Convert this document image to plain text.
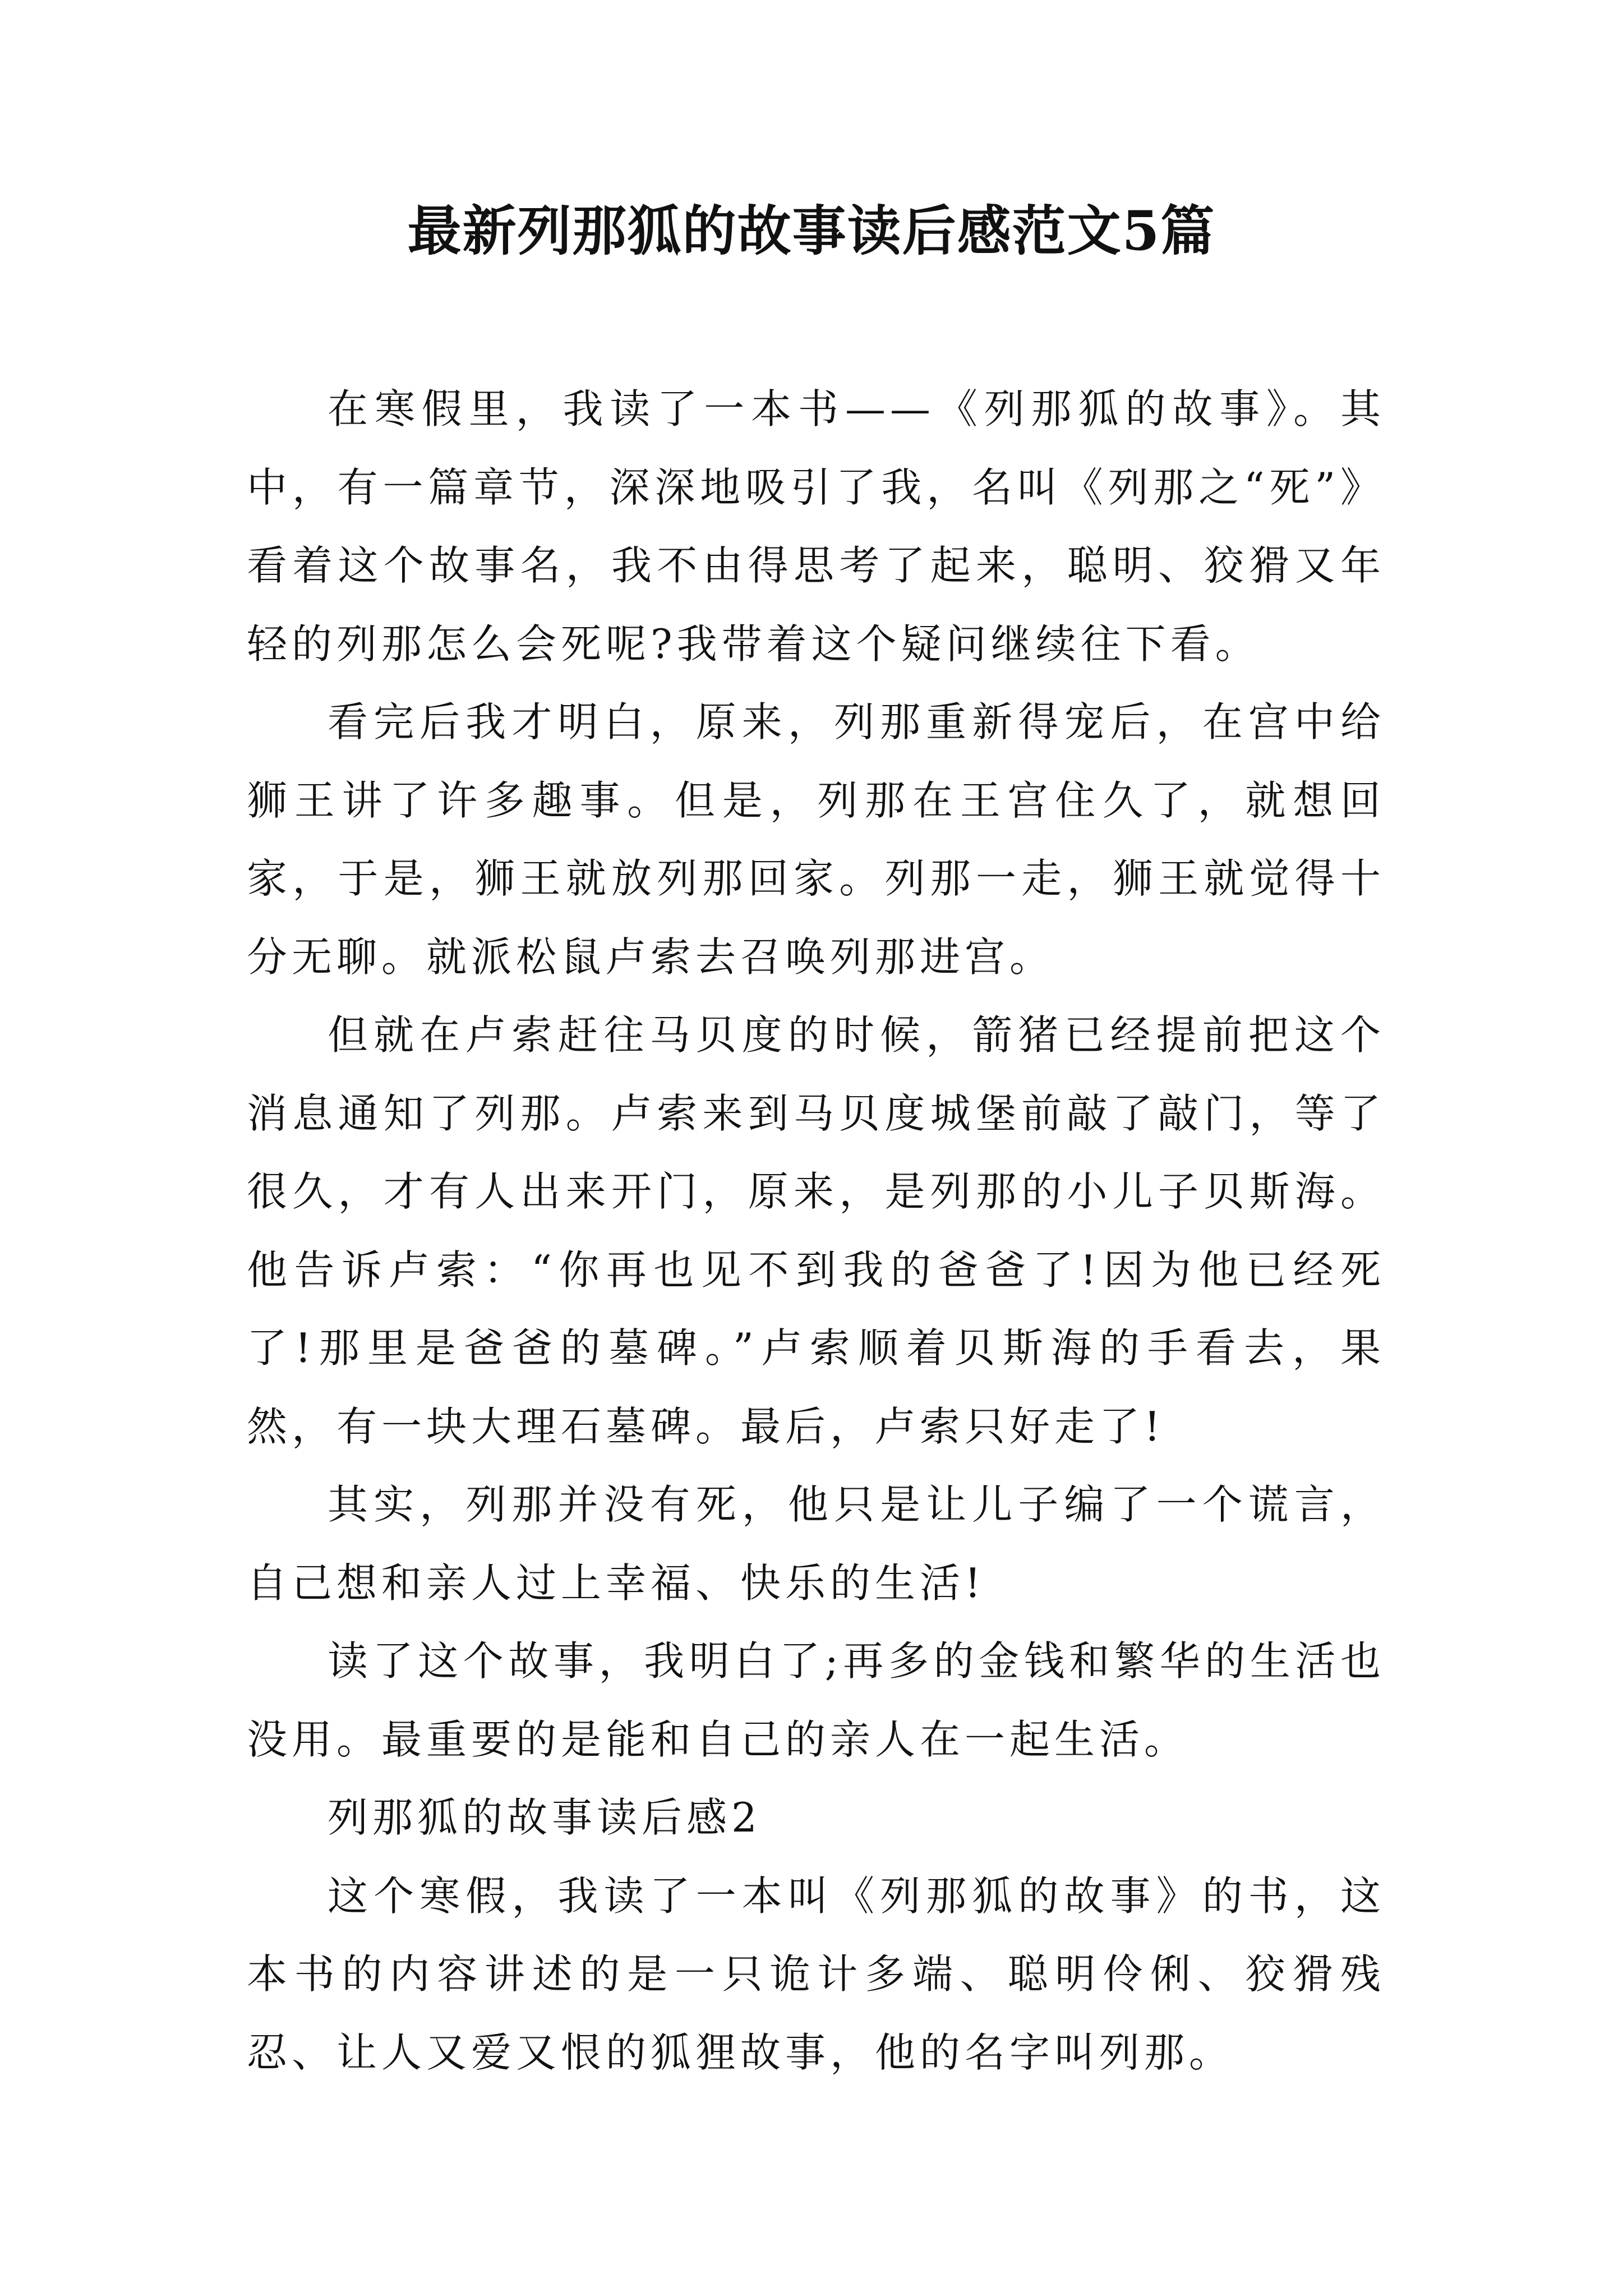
最新列那狐的故事读后感范文5篇

在寒假里，我读了一本书——《列那狐的故事》。其中，有一篇章节，深深地吸引了我，名叫《列那之“死”》看着这个故事名，我不由得思考了起来，聪明、狡猾又年轻的列那怎么会死呢?我带着这个疑问继续往下看。

看完后我才明白，原来，列那重新得宠后，在宫中给狮王讲了许多趣事。但是，列那在王宫住久了，就想回家，于是，狮王就放列那回家。列那一走，狮王就觉得十分无聊。就派松鼠卢索去召唤列那进宫。

但就在卢索赶往马贝度的时候，箭猪已经提前把这个消息通知了列那。卢索来到马贝度城堡前敲了敲门，等了很久，才有人出来开门，原来，是列那的小儿子贝斯海。 他告诉卢索：“你再也见不到我的爸爸了!因为他已经死了!那里是爸爸的墓碑。”卢索顺着贝斯海的手看去，果然，有一块大理石墓碑。最后，卢索只好走了!

其实，列那并没有死，他只是让儿子编了一个谎言，自己想和亲人过上幸福、快乐的生活!

读了这个故事，我明白了;再多的金钱和繁华的生活也没用。最重要的是能和自己的亲人在一起生活。

列那狐的故事读后感2

这个寒假，我读了一本叫《列那狐的故事》的书，这本书的内容讲述的是一只诡计多端、聪明伶俐、狡猾残忍、让人又爱又恨的狐狸故事，他的名字叫列那。
